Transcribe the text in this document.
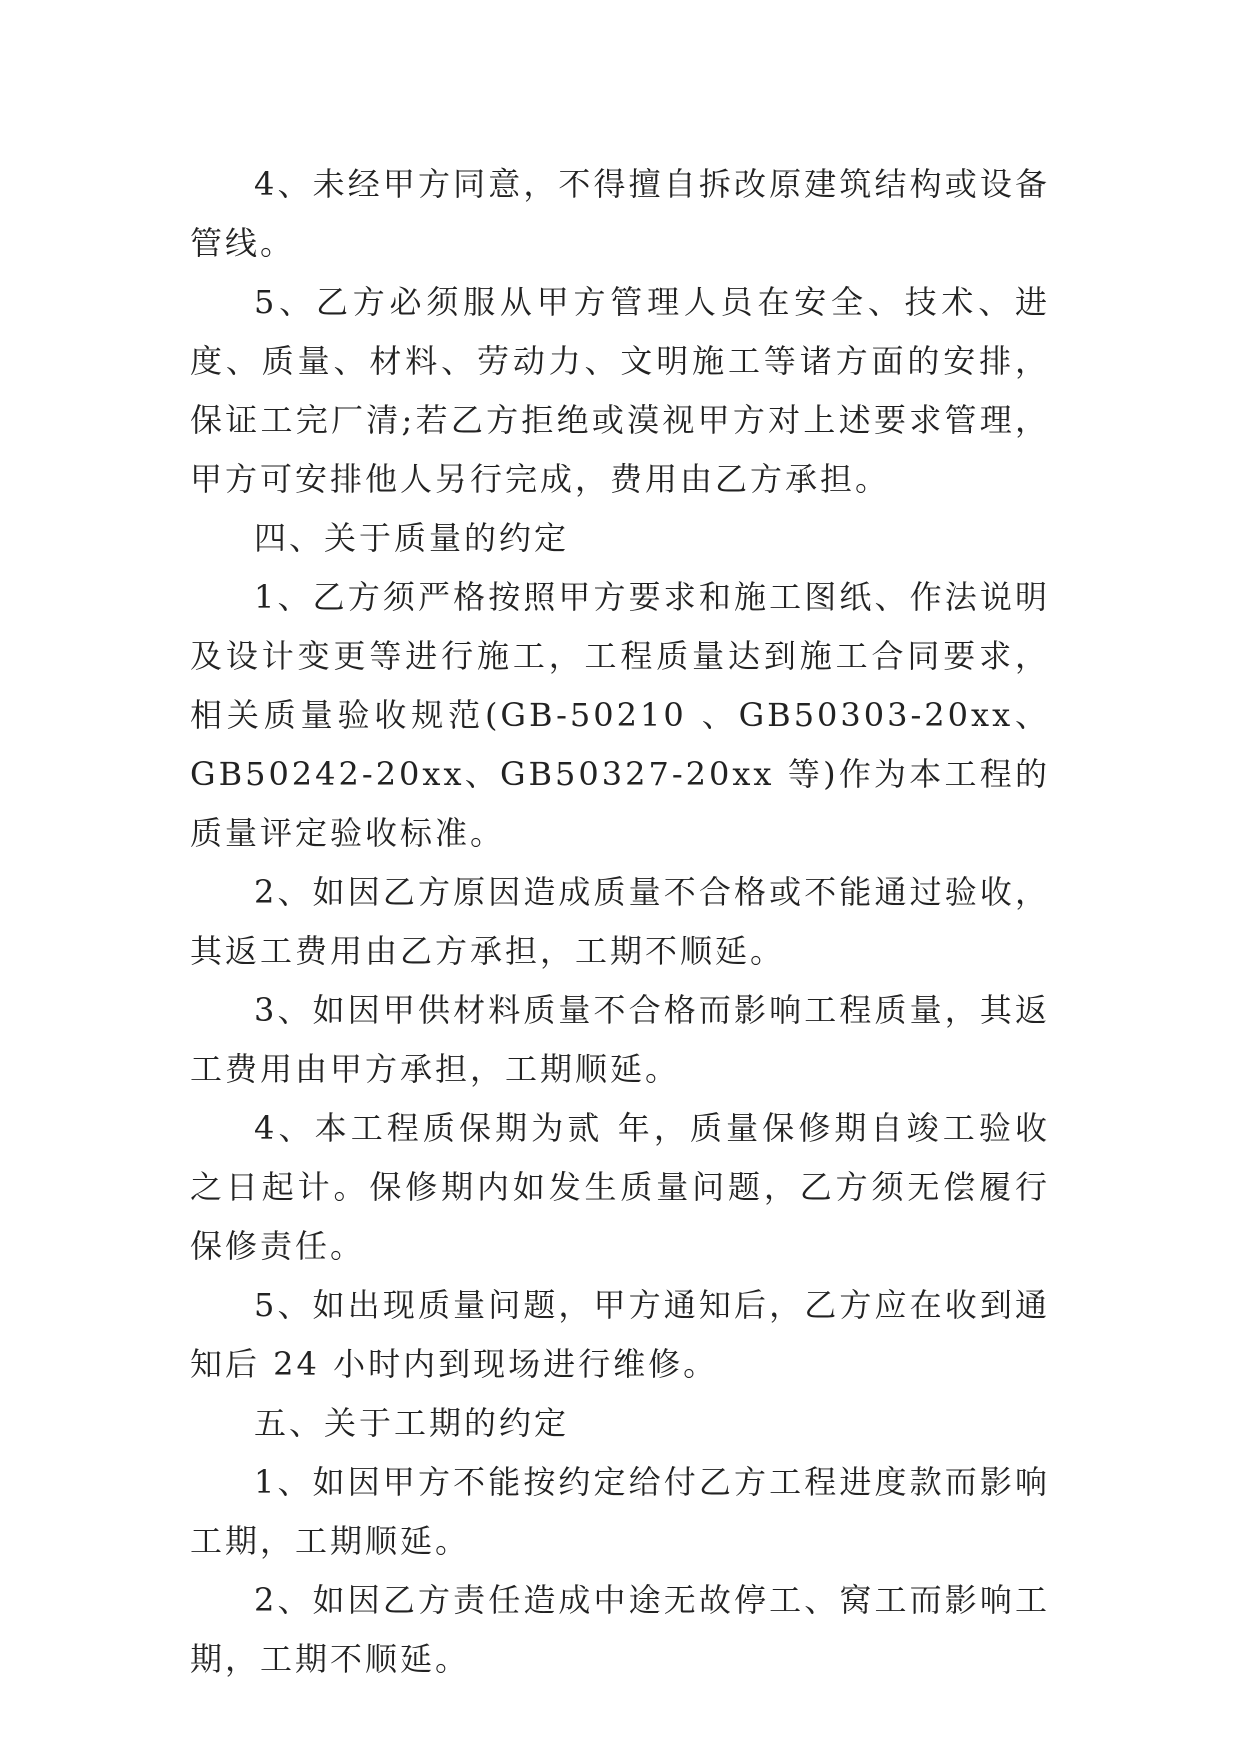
4、未经甲方同意，不得擅自拆改原建筑结构或设备管线。

5、乙方必须服从甲方管理人员在安全、技术、进度、质量、材料、劳动力、文明施工等诸方面的安排，保证工完厂清;若乙方拒绝或漠视甲方对上述要求管理，甲方可安排他人另行完成，费用由乙方承担。

四、关于质量的约定

1、乙方须严格按照甲方要求和施工图纸、作法说明及设计变更等进行施工，工程质量达到施工合同要求，相关质量验收规范(GB-50210 、GB50303-20xx、GB50242-20xx、GB50327-20xx 等)作为本工程的质量评定验收标准。

2、如因乙方原因造成质量不合格或不能通过验收，其返工费用由乙方承担，工期不顺延。

3、如因甲供材料质量不合格而影响工程质量，其返工费用由甲方承担，工期顺延。

4、本工程质保期为贰 年，质量保修期自竣工验收之日起计。保修期内如发生质量问题，乙方须无偿履行保修责任。

5、如出现质量问题，甲方通知后，乙方应在收到通知后 24 小时内到现场进行维修。

五、关于工期的约定

1、如因甲方不能按约定给付乙方工程进度款而影响工期，工期顺延。

2、如因乙方责任造成中途无故停工、窝工而影响工期，工期不顺延。
